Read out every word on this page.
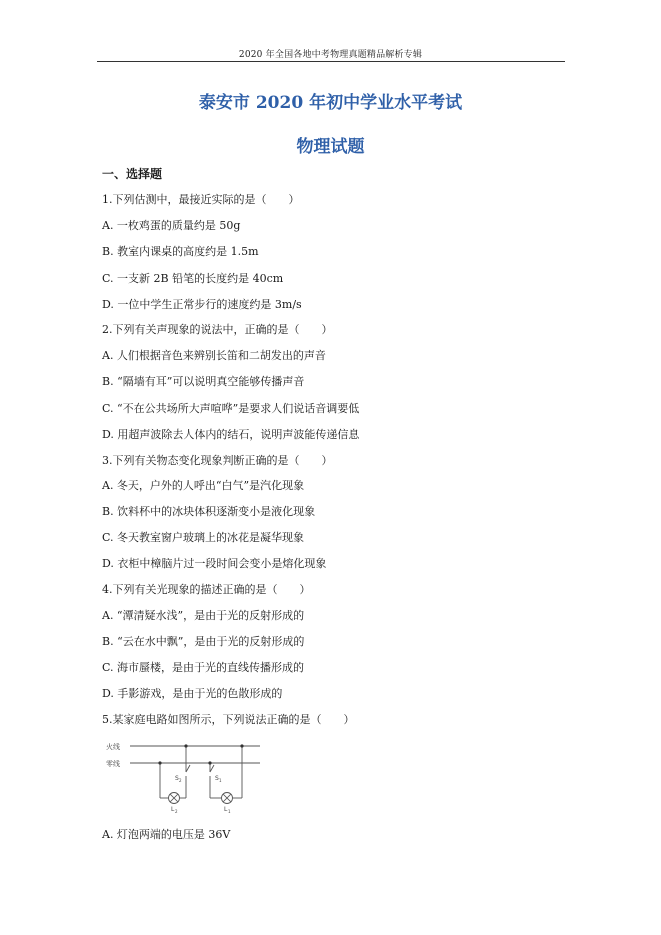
2020 年全国各地中考物理真题精品解析专辑
泰安市 2020 年初中学业水平考试
物理试题
一、选择题
1.下列估测中，最接近实际的是（　　）
A. 一枚鸡蛋的质量约是 50g
B. 教室内课桌的高度约是 1.5m
C. 一支新 2B 铅笔的长度约是 40cm
D. 一位中学生正常步行的速度约是 3m/s
2.下列有关声现象的说法中，正确的是（　　）
A. 人们根据音色来辨别长笛和二胡发出的声音
B. “隔墙有耳”可以说明真空能够传播声音
C. “不在公共场所大声喧哗”是要求人们说话音调要低
D. 用超声波除去人体内的结石，说明声波能传递信息
3.下列有关物态变化现象判断正确的是（　　）
A. 冬天，户外的人呼出“白气”是汽化现象
B. 饮料杯中的冰块体积逐渐变小是液化现象
C. 冬天教室窗户玻璃上的冰花是凝华现象
D. 衣柜中樟脑片过一段时间会变小是熔化现象
4.下列有关光现象的描述正确的是（　　）
A. “潭清疑水浅”，是由于光的反射形成的
B. “云在水中飘”，是由于光的反射形成的
C. 海市蜃楼，是由于光的直线传播形成的
D. 手影游戏，是由于光的色散形成的
5.某家庭电路如图所示，下列说法正确的是（　　）
火线
零线
S 2
L 2
S 1
L 1
A. 灯泡两端的电压是 36V
